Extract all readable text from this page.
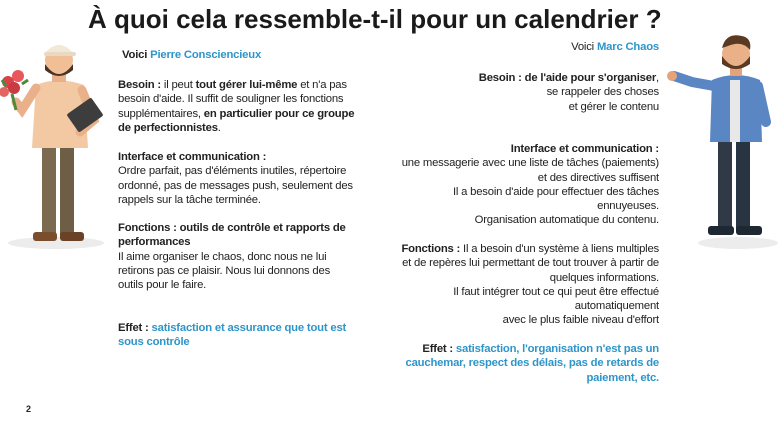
À quoi cela ressemble-t-il pour un calendrier ?
Voici Pierre Consciencieux
Besoin : il peut tout gérer lui-même et n'a pas besoin d'aide. Il suffit de souligner les fonctions supplémentaires, en particulier pour ce groupe de perfectionnistes.
Interface et communication :
Ordre parfait, pas d'éléments inutiles, répertoire ordonné, pas de messages push, seulement des rappels sur la tâche terminée.
Fonctions : outils de contrôle et rapports de performances
Il aime organiser le chaos, donc nous ne lui retirons pas ce plaisir. Nous lui donnons des outils pour le faire.
Effet : satisfaction et assurance que tout est sous contrôle
Voici Marc Chaos
Besoin : de l'aide pour s'organiser,
se rappeler des choses
et gérer le contenu
Interface et communication :
une messagerie avec une liste de tâches (paiements)
et des directives suffisent
Il a besoin d'aide pour effectuer des tâches
ennuyeuses.
Organisation automatique du contenu.
Fonctions : Il a besoin d'un système à liens multiples
et de repères lui permettant de tout trouver à partir de
quelques informations.
Il faut intégrer tout ce qui peut être effectué
automatiquement
avec le plus faible niveau d'effort
Effet : satisfaction, l'organisation n'est pas un
cauchemar, respect des délais, pas de retards de
paiement, etc.
2
